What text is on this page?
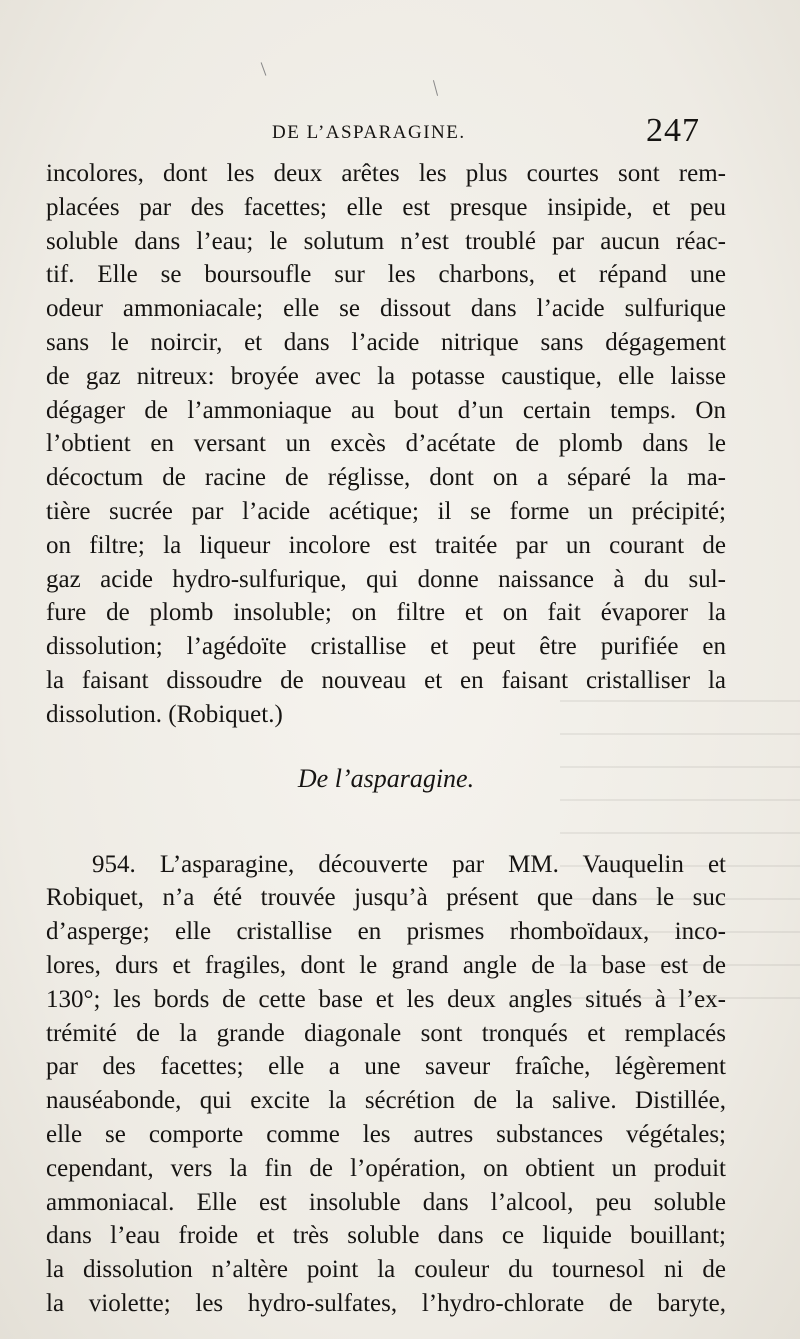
DE L’ASPARAGINE.	247
incolores, dont les deux arêtes les plus courtes sont rem-
placées par des facettes; elle est presque insipide, et peu
soluble dans l’eau; le solutum n’est troublé par aucun réac-
tif. Elle se boursoufle sur les charbons, et répand une
odeur ammoniacale; elle se dissout dans l’acide sulfurique
sans le noircir, et dans l’acide nitrique sans dégagement
de gaz nitreux: broyée avec la potasse caustique, elle laisse
dégager de l’ammoniaque au bout d’un certain temps. On
l’obtient en versant un excès d’acétate de plomb dans le
décoctum de racine de réglisse, dont on a séparé la ma-
tière sucrée par l’acide acétique; il se forme un précipité;
on filtre; la liqueur incolore est traitée par un courant de
gaz acide hydro-sulfurique, qui donne naissance à du sul-
fure de plomb insoluble; on filtre et on fait évaporer la
dissolution; l’agédoïte cristallise et peut être purifiée en
la faisant dissoudre de nouveau et en faisant cristalliser la
dissolution. (Robiquet.)
De l’asparagine.
954. L’asparagine, découverte par MM. Vauquelin et
Robiquet, n’a été trouvée jusqu’à présent que dans le suc
d’asperge; elle cristallise en prismes rhomboïdaux, inco-
lores, durs et fragiles, dont le grand angle de la base est de
130°; les bords de cette base et les deux angles situés à l’ex-
trémité de la grande diagonale sont tronqués et remplacés
par des facettes; elle a une saveur fraîche, légèrement
nauséabonde, qui excite la sécrétion de la salive. Distillée,
elle se comporte comme les autres substances végétales;
cependant, vers la fin de l’opération, on obtient un produit
ammoniacal. Elle est insoluble dans l’alcool, peu soluble
dans l’eau froide et très soluble dans ce liquide bouillant;
la dissolution n’altère point la couleur du tournesol ni de
la violette; les hydro-sulfates, l’hydro-chlorate de baryte,
